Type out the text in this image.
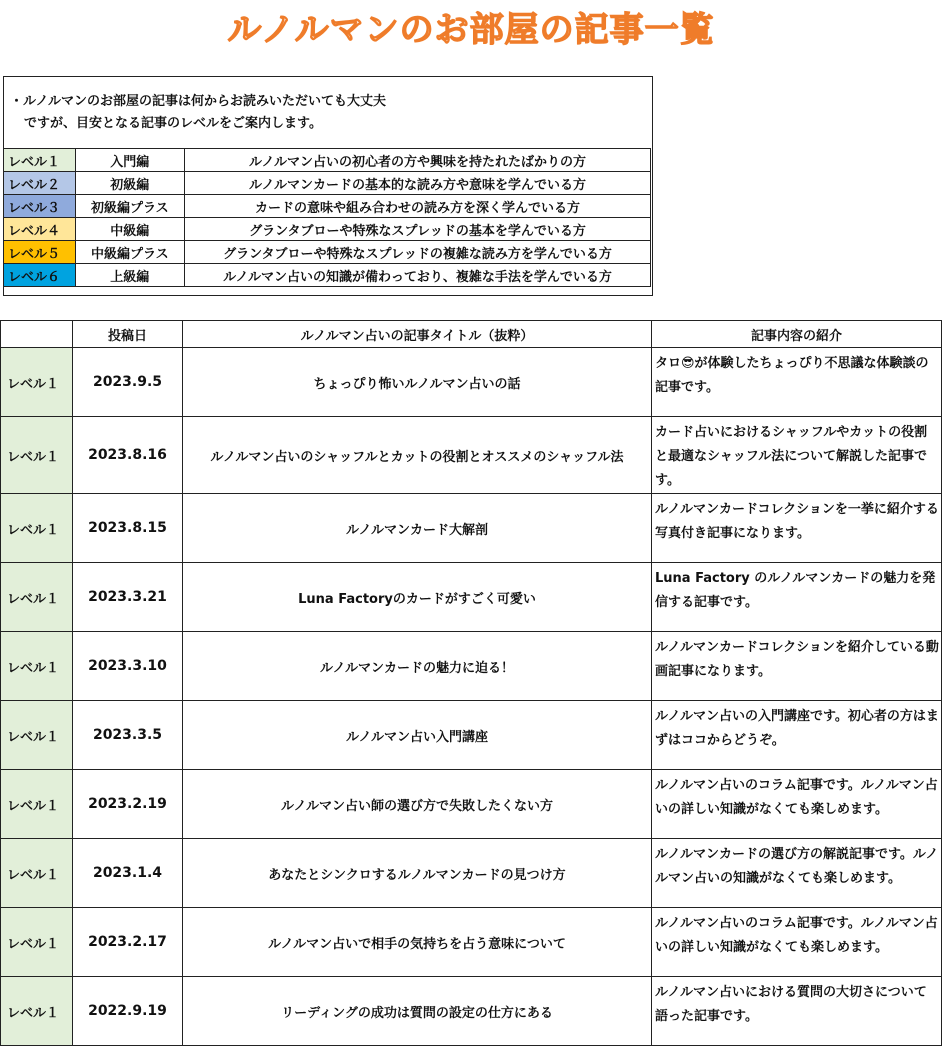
ルノルマンのお部屋の記事一覧
・ルノルマンのお部屋の記事は何からお読みいただいても大丈夫
ですが、目安となる記事のレベルをご案内します。
レベル１	入門編	ルノルマン占いの初心者の方や興味を持たれたばかりの方
レベル２	初級編	ルノルマンカードの基本的な読み方や意味を学んでいる方
レベル３	初級編プラス	カードの意味や組み合わせの読み方を深く学んでいる方
レベル４	中級編	グランタブローや特殊なスプレッドの基本を学んでいる方
レベル５	中級編プラス	グランタブローや特殊なスプレッドの複雑な読み方を学んでいる方
レベル６	上級編	ルノルマン占いの知識が備わっており、複雑な手法を学んでいる方
	投稿日	ルノルマン占いの記事タイトル（抜粋）	記事内容の紹介
レベル１	2023.9.5	ちょっぴり怖いルノルマン占いの話	タロ😎が体験したちょっぴり不思議な体験談の記事です。
レベル１	2023.8.16	ルノルマン占いのシャッフルとカットの役割とオススメのシャッフル法	カード占いにおけるシャッフルやカットの役割と最適なシャッフル法について解説した記事です。
レベル１	2023.8.15	ルノルマンカード大解剖	ルノルマンカードコレクションを一挙に紹介する写真付き記事になります。
レベル１	2023.3.21	Luna Factoryのカードがすごく可愛い	Luna Factory のルノルマンカードの魅力を発信する記事です。
レベル１	2023.3.10	ルノルマンカードの魅力に迫る！	ルノルマンカードコレクションを紹介している動画記事になります。
レベル１	2023.3.5	ルノルマン占い入門講座	ルノルマン占いの入門講座です。初心者の方はまずはココからどうぞ。
レベル１	2023.2.19	ルノルマン占い師の選び方で失敗したくない方	ルノルマン占いのコラム記事です。ルノルマン占いの詳しい知識がなくても楽しめます。
レベル１	2023.1.4	あなたとシンクロするルノルマンカードの見つけ方	ルノルマンカードの選び方の解説記事です。ルノルマン占いの知識がなくても楽しめます。
レベル１	2023.2.17	ルノルマン占いで相手の気持ちを占う意味について	ルノルマン占いのコラム記事です。ルノルマン占いの詳しい知識がなくても楽しめます。
レベル１	2022.9.19	リーディングの成功は質問の設定の仕方にある	ルノルマン占いにおける質問の大切さについて語った記事です。
